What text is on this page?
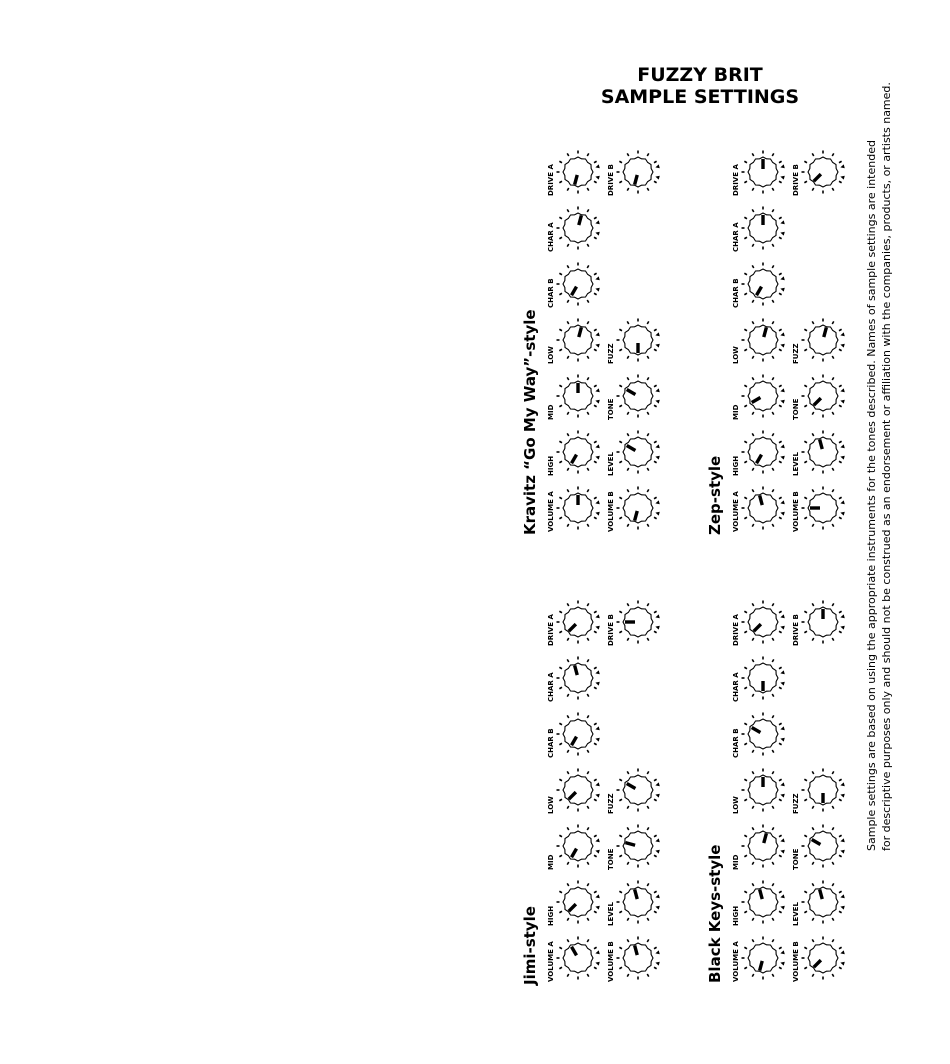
FUZZY BRIT
SAMPLE SETTINGS
Jimi-style
Kravitz “Go My Way”-style
Black Keys-style
Zep-style	Sample settings are based on using the appropriate instruments for the tones described. Names of sample settings are intended for descriptive purposes only and should not be construed as an endorsement or affiliation with the companies, products, or artists named.
VOLUME A
HIGH
MID
LOW
CHAR B
CHAR A
DRIVE A
VOLUME B
LEVEL
TONE
FUZZ
DRIVE B
VOLUME A
HIGH
MID
LOW
CHAR B
CHAR A
DRIVE A
VOLUME B
LEVEL
TONE
FUZZ
DRIVE B
VOLUME A
HIGH
MID
LOW
CHAR B
CHAR A
DRIVE A
VOLUME B
LEVEL
TONE
FUZZ
DRIVE B
VOLUME A
HIGH
MID
LOW
CHAR B
CHAR A
DRIVE A
VOLUME B
LEVEL
TONE
FUZZ
DRIVE B
